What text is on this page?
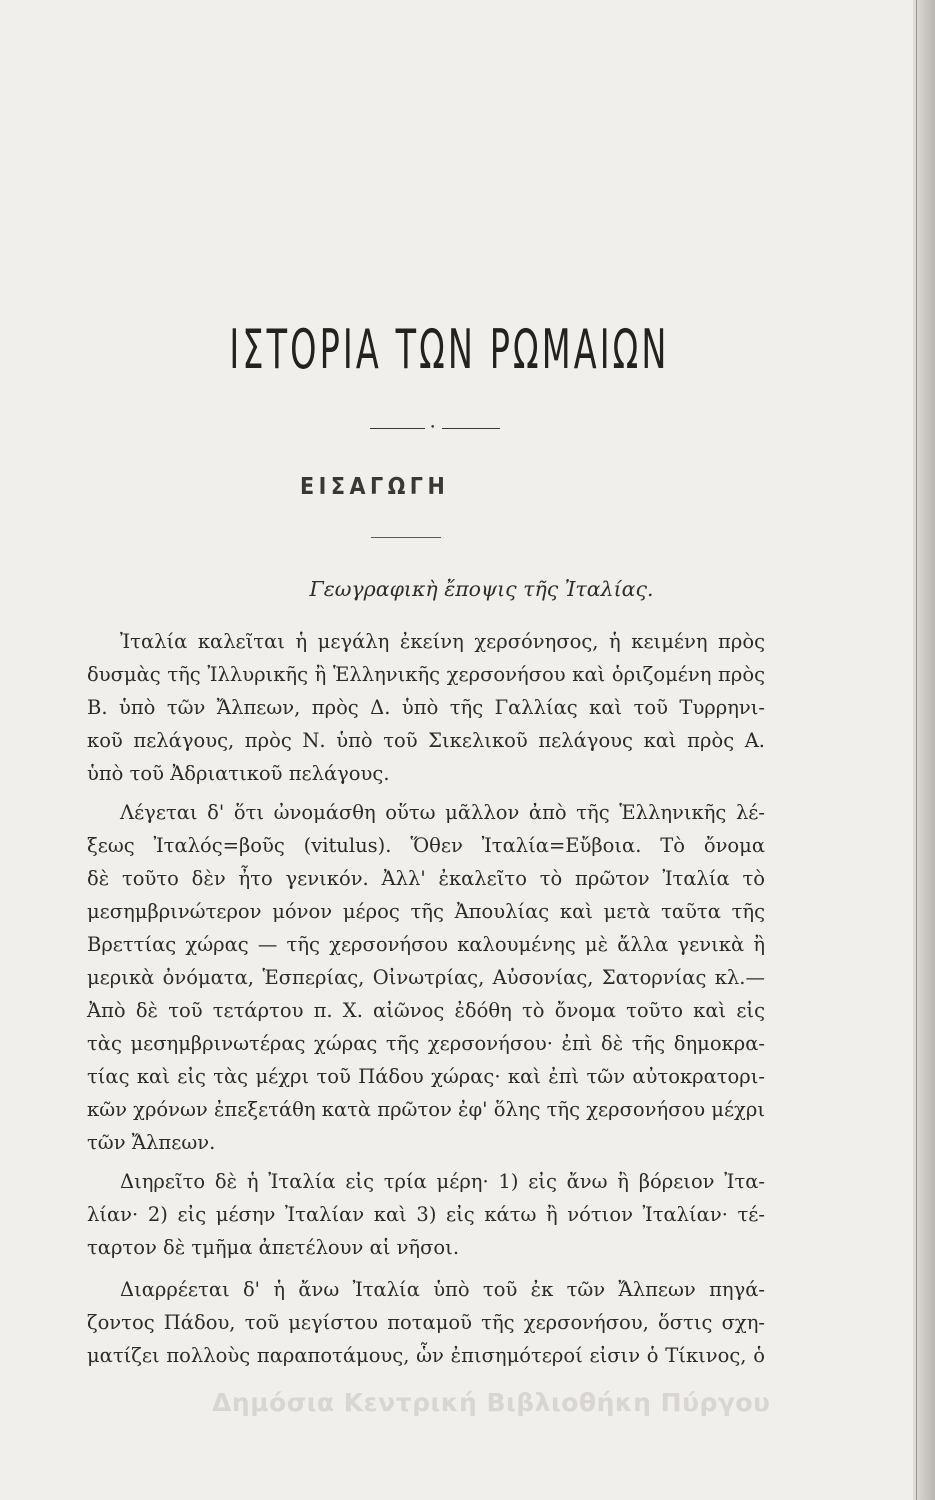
ΙΣΤΟΡΙΑ ΤΩΝ ΡΩΜΑΙΩΝ
•
ΕΙΣΑΓΩΓΗ

Γεωγραφικὴ ἔποψις τῆς Ἰταλίας.

Ἰταλία καλεῖται ἡ μεγάλη ἐκείνη χερσόνησος, ἡ κειμένη πρὸς
δυσμὰς τῆς Ἰλλυρικῆς ἢ Ἑλληνικῆς χερσονήσου καὶ ὁριζομένη πρὸς
Β. ὑπὸ τῶν Ἄλπεων, πρὸς Δ. ὑπὸ τῆς Γαλλίας καὶ τοῦ Τυρρηνι-
κοῦ πελάγους, πρὸς Ν. ὑπὸ τοῦ Σικελικοῦ πελάγους καὶ πρὸς Α.
ὑπὸ τοῦ Ἀδριατικοῦ πελάγους.
Λέγεται δ' ὅτι ὠνομάσθη οὕτω μᾶλλον ἀπὸ τῆς Ἑλληνικῆς λέ-
ξεως Ἰταλός=βοῦς (vitulus). Ὅθεν Ἰταλία=Εὔβοια. Τὸ ὄνομα
δὲ τοῦτο δὲν ἦτο γενικόν. Ἀλλ' ἐκαλεῖτο τὸ πρῶτον Ἰταλία τὸ
μεσημβρινώτερον μόνον μέρος τῆς Ἀπουλίας καὶ μετὰ ταῦτα τῆς
Βρεττίας χώρας — τῆς χερσονήσου καλουμένης μὲ ἄλλα γενικὰ ἢ
μερικὰ ὀνόματα, Ἑσπερίας, Οἰνωτρίας, Αὐσονίας, Σατορνίας κλ.—
Ἀπὸ δὲ τοῦ τετάρτου π. Χ. αἰῶνος ἐδόθη τὸ ὄνομα τοῦτο καὶ εἰς
τὰς μεσημβρινωτέρας χώρας τῆς χερσονήσου· ἐπὶ δὲ τῆς δημοκρα-
τίας καὶ εἰς τὰς μέχρι τοῦ Πάδου χώρας· καὶ ἐπὶ τῶν αὐτοκρατορι-
κῶν χρόνων ἐπεξετάθη κατὰ πρῶτον ἐφ' ὅλης τῆς χερσονήσου μέχρι
τῶν Ἄλπεων.
Διηρεῖτο δὲ ἡ Ἰταλία εἰς τρία μέρη· 1) εἰς ἄνω ἢ βόρειον Ἰτα-
λίαν· 2) εἰς μέσην Ἰταλίαν καὶ 3) εἰς κάτω ἢ νότιον Ἰταλίαν· τέ-
ταρτον δὲ τμῆμα ἀπετέλουν αἱ νῆσοι.
Διαρρέεται δ' ἡ ἄνω Ἰταλία ὑπὸ τοῦ ἐκ τῶν Ἄλπεων πηγά-
ζοντος Πάδου, τοῦ μεγίστου ποταμοῦ τῆς χερσονήσου, ὅστις σχη-
ματίζει πολλοὺς παραποτάμους, ὧν ἐπισημότεροί εἰσιν ὁ Τίκινος, ὁ
Δημόσια Κεντρική Βιβλιοθήκη Πύργου
